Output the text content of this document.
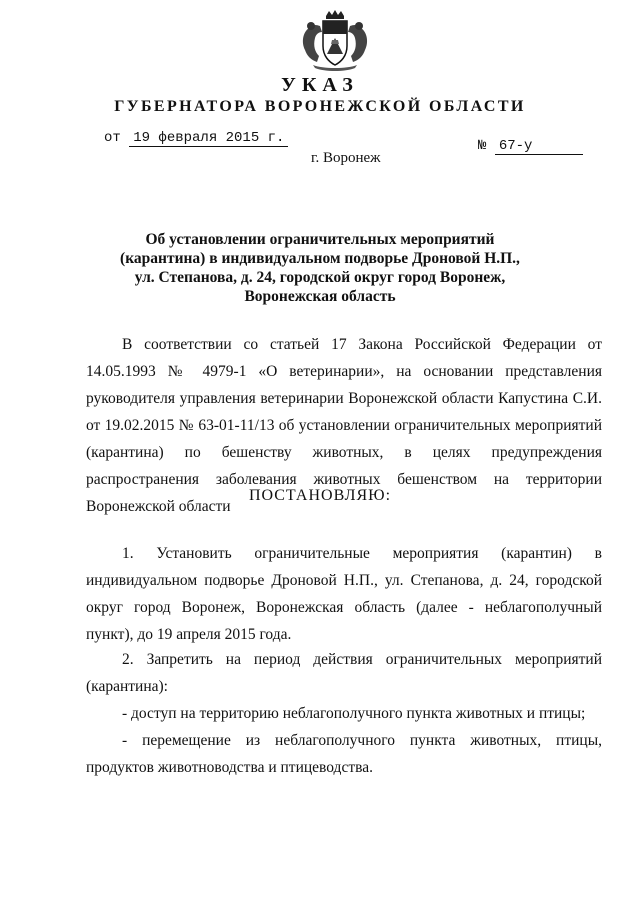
УКАЗ
ГУБЕРНАТОРА ВОРОНЕЖСКОЙ ОБЛАСТИ
от 19 февраля 2015 г.	№ 67-у
г. Воронеж
Об установлении ограничительных мероприятий
(карантина) в индивидуальном подворье Дроновой Н.П.,
ул. Степанова, д. 24, городской округ город Воронеж,
Воронежская область
В соответствии со статьей 17 Закона Российской Федерации от 14.05.1993 № 4979-1 «О ветеринарии», на основании представления руководителя управления ветеринарии Воронежской области Капустина С.И. от 19.02.2015 № 63-01-11/13 об установлении ограничительных мероприятий (карантина) по бешенству животных, в целях предупреждения распространения заболевания животных бешенством на территории Воронежской области
ПОСТАНОВЛЯЮ:
1.   Установить   ограничительные   мероприятия   (карантин)   в индивидуальном подворье Дроновой Н.П., ул. Степанова, д. 24, городской округ город Воронеж, Воронежская область (далее - неблагополучный пункт), до 19 апреля 2015 года.
2.   Запретить   на   период   действия   ограничительных   мероприятий (карантина):
- доступ на территорию неблагополучного пункта животных и птицы;
- перемещение из неблагополучного пункта животных, птицы, продуктов животноводства и птицеводства.
